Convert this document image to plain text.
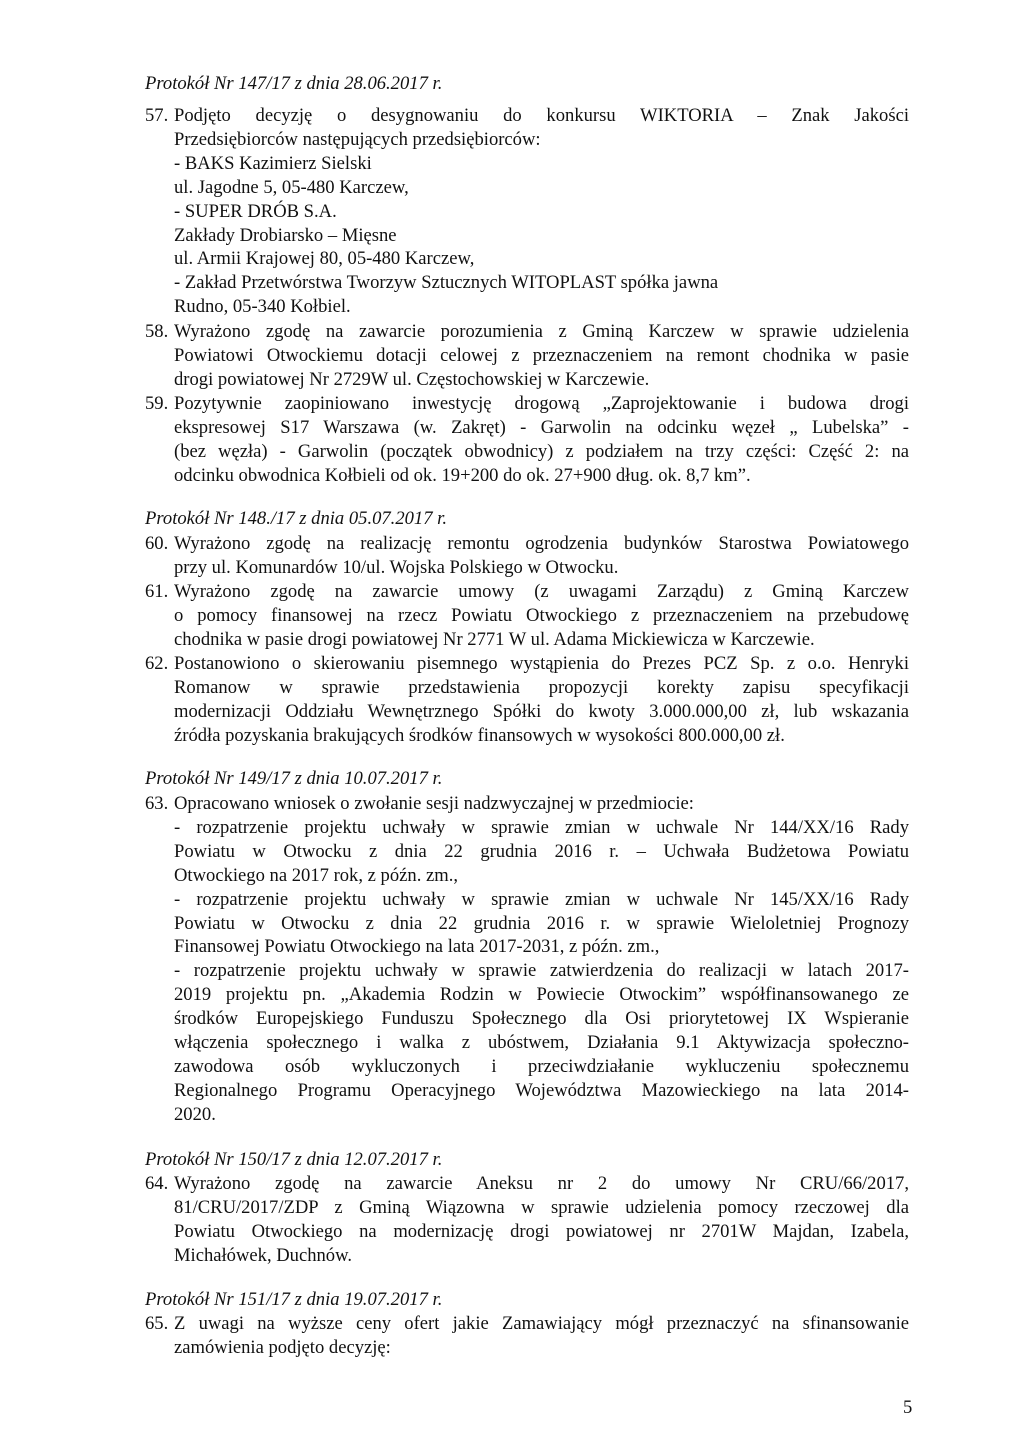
Protokół Nr 147/17 z dnia 28.06.2017 r.
57. Podjęto decyzję o desygnowaniu do konkursu WIKTORIA – Znak Jakości
Przedsiębiorców następujących przedsiębiorców:
- BAKS Kazimierz Sielski
ul. Jagodne 5, 05-480 Karczew,
- SUPER DRÓB S.A.
Zakłady Drobiarsko – Mięsne
ul. Armii Krajowej 80, 05-480 Karczew,
- Zakład Przetwórstwa Tworzyw Sztucznych WITOPLAST spółka jawna
Rudno, 05-340 Kołbiel.
58. Wyrażono zgodę na zawarcie porozumienia z Gminą Karczew w sprawie udzielenia
Powiatowi Otwockiemu dotacji celowej z przeznaczeniem na remont chodnika w pasie
drogi powiatowej Nr 2729W ul. Częstochowskiej w Karczewie.
59. Pozytywnie zaopiniowano inwestycję drogową „Zaprojektowanie i budowa drogi
ekspresowej S17 Warszawa (w. Zakręt) - Garwolin na odcinku węzeł „ Lubelska” -
(bez węzła) - Garwolin (początek obwodnicy) z podziałem na trzy części: Część 2: na
odcinku obwodnica Kołbieli od ok. 19+200 do ok. 27+900 dług. ok. 8,7 km”.
Protokół Nr 148./17 z dnia 05.07.2017 r.
60. Wyrażono zgodę na realizację remontu ogrodzenia budynków Starostwa Powiatowego
przy ul. Komunardów 10/ul. Wojska Polskiego w Otwocku.
61. Wyrażono zgodę na zawarcie umowy (z uwagami Zarządu) z Gminą Karczew
o pomocy finansowej na rzecz Powiatu Otwockiego z przeznaczeniem na przebudowę
chodnika w pasie drogi powiatowej Nr 2771 W ul. Adama Mickiewicza w Karczewie.
62. Postanowiono o skierowaniu pisemnego wystąpienia do Prezes PCZ Sp. z o.o. Henryki
Romanow w sprawie przedstawienia propozycji korekty zapisu specyfikacji
modernizacji Oddziału Wewnętrznego Spółki do kwoty 3.000.000,00 zł, lub wskazania
źródła pozyskania brakujących środków finansowych w wysokości 800.000,00 zł.
Protokół Nr 149/17 z dnia 10.07.2017 r.
63. Opracowano wniosek o zwołanie sesji nadzwyczajnej w przedmiocie:
- rozpatrzenie projektu uchwały w sprawie zmian w uchwale Nr 144/XX/16 Rady
Powiatu w Otwocku z dnia 22 grudnia 2016 r. – Uchwała Budżetowa Powiatu
Otwockiego na 2017 rok, z późn. zm.,
- rozpatrzenie projektu uchwały w sprawie zmian w uchwale Nr 145/XX/16 Rady
Powiatu w Otwocku z dnia 22 grudnia 2016 r. w sprawie Wieloletniej Prognozy
Finansowej Powiatu Otwockiego na lata 2017-2031, z późn. zm.,
- rozpatrzenie projektu uchwały w sprawie zatwierdzenia do realizacji w latach 2017-
2019 projektu pn. „Akademia Rodzin w Powiecie Otwockim” współfinansowanego ze
środków Europejskiego Funduszu Społecznego dla Osi priorytetowej IX Wspieranie
włączenia społecznego i walka z ubóstwem, Działania 9.1 Aktywizacja społeczno-
zawodowa osób wykluczonych i przeciwdziałanie wykluczeniu społecznemu
Regionalnego Programu Operacyjnego Województwa Mazowieckiego na lata 2014-
2020.
Protokół Nr 150/17 z dnia 12.07.2017 r.
64. Wyrażono zgodę na zawarcie Aneksu nr 2 do umowy Nr CRU/66/2017,
81/CRU/2017/ZDP z Gminą Wiązowna w sprawie udzielenia pomocy rzeczowej dla
Powiatu Otwockiego na modernizację drogi powiatowej nr 2701W Majdan, Izabela,
Michałówek, Duchnów.
Protokół Nr 151/17 z dnia 19.07.2017 r.
65. Z uwagi na wyższe ceny ofert jakie Zamawiający mógł przeznaczyć na sfinansowanie
zamówienia podjęto decyzję:
5
